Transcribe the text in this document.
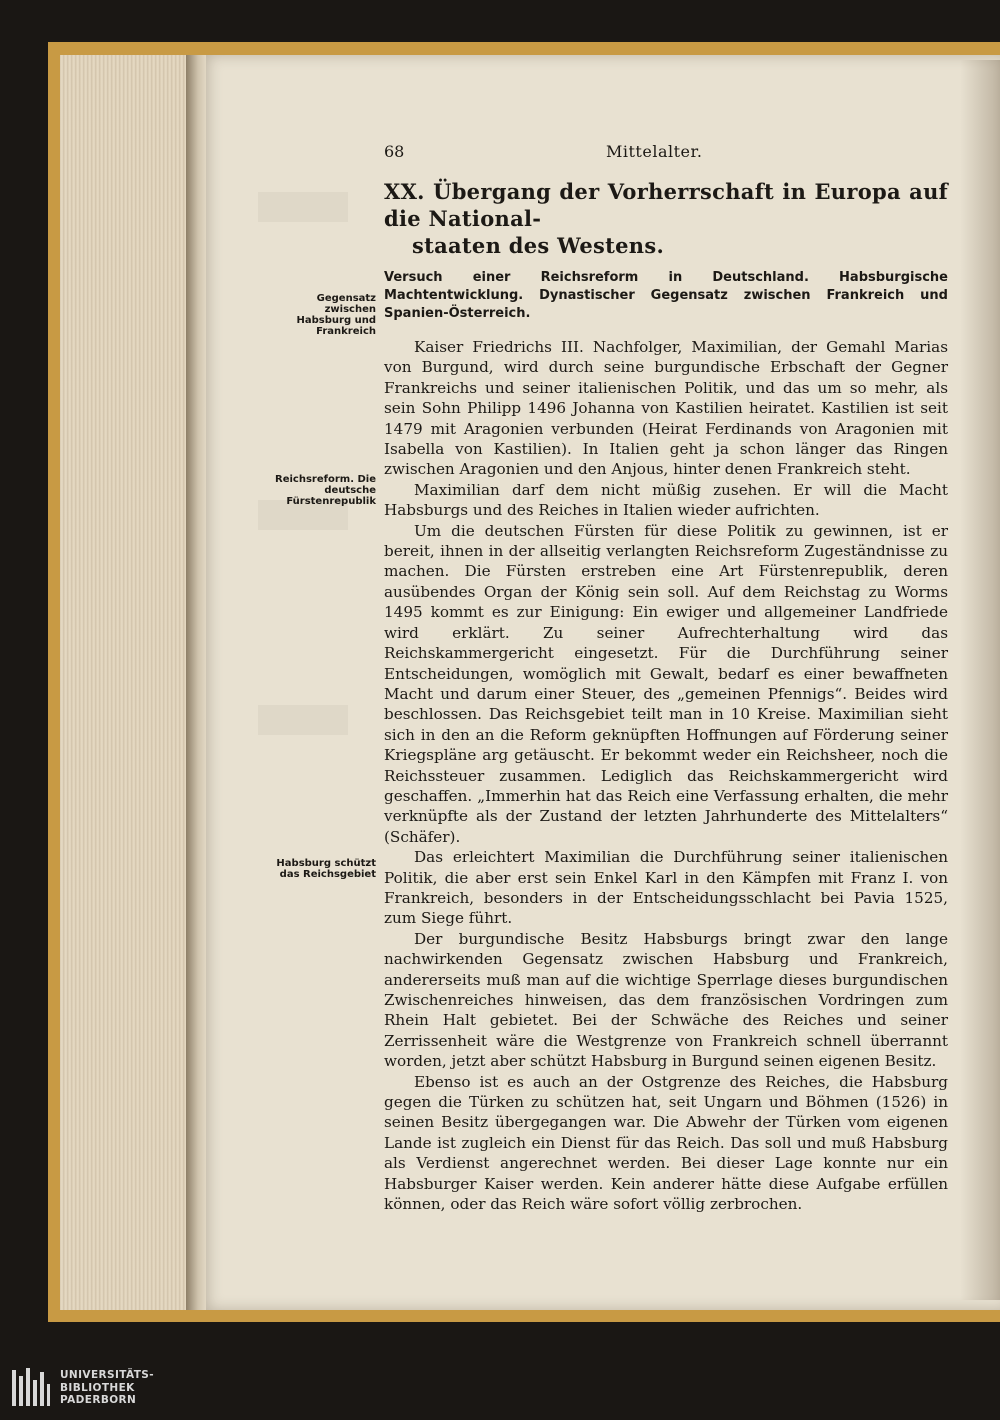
Gegensatz zwischen Habsburg und Frankreich
Reichsreform. Die deutsche Fürstenrepublik
Habsburg schützt das Reichsgebiet
68	Mittelalter.
XX. Übergang der Vorherrschaft in Europa auf die National-
staaten des Westens.

Versuch einer Reichsreform in Deutschland. Habsburgische Machtentwicklung. Dynastischer Gegensatz zwischen Frankreich und Spanien-Österreich.

Kaiser Friedrichs III. Nachfolger, Maximilian, der Gemahl Marias von Burgund, wird durch seine burgundische Erbschaft der Gegner Frankreichs und seiner italienischen Politik, und das um so mehr, als sein Sohn Philipp 1496 Johanna von Kastilien heiratet. Kastilien ist seit 1479 mit Aragonien verbunden (Heirat Ferdinands von Aragonien mit Isabella von Kastilien). In Italien geht ja schon länger das Ringen zwischen Aragonien und den Anjous, hinter denen Frankreich steht.

Maximilian darf dem nicht müßig zusehen. Er will die Macht Habsburgs und des Reiches in Italien wieder aufrichten.

Um die deutschen Fürsten für diese Politik zu gewinnen, ist er bereit, ihnen in der allseitig verlangten Reichsreform Zugeständnisse zu machen. Die Fürsten erstreben eine Art Fürstenrepublik, deren ausübendes Organ der König sein soll. Auf dem Reichstag zu Worms 1495 kommt es zur Einigung: Ein ewiger und allgemeiner Landfriede wird erklärt. Zu seiner Aufrechterhaltung wird das Reichskammergericht eingesetzt. Für die Durchführung seiner Entscheidungen, womöglich mit Gewalt, bedarf es einer bewaffneten Macht und darum einer Steuer, des „gemeinen Pfennigs“. Beides wird beschlossen. Das Reichsgebiet teilt man in 10 Kreise. Maximilian sieht sich in den an die Reform geknüpften Hoffnungen auf Förderung seiner Kriegspläne arg getäuscht. Er bekommt weder ein Reichsheer, noch die Reichssteuer zusammen. Lediglich das Reichskammergericht wird geschaffen. „Immerhin hat das Reich eine Verfassung erhalten, die mehr verknüpfte als der Zustand der letzten Jahrhunderte des Mittelalters“ (Schäfer).

Das erleichtert Maximilian die Durchführung seiner italienischen Politik, die aber erst sein Enkel Karl in den Kämpfen mit Franz I. von Frankreich, besonders in der Entscheidungsschlacht bei Pavia 1525, zum Siege führt.

Der burgundische Besitz Habsburgs bringt zwar den lange nachwirkenden Gegensatz zwischen Habsburg und Frankreich, andererseits muß man auf die wichtige Sperrlage dieses burgundischen Zwischenreiches hinweisen, das dem französischen Vordringen zum Rhein Halt gebietet. Bei der Schwäche des Reiches und seiner Zerrissenheit wäre die Westgrenze von Frankreich schnell überrannt worden, jetzt aber schützt Habsburg in Burgund seinen eigenen Besitz.

Ebenso ist es auch an der Ostgrenze des Reiches, die Habsburg gegen die Türken zu schützen hat, seit Ungarn und Böhmen (1526) in seinen Besitz übergegangen war. Die Abwehr der Türken vom eigenen Lande ist zugleich ein Dienst für das Reich. Das soll und muß Habsburg als Verdienst angerechnet werden. Bei dieser Lage konnte nur ein Habsburger Kaiser werden. Kein anderer hätte diese Aufgabe erfüllen können, oder das Reich wäre sofort völlig zerbrochen.

UNIVERSITÄTS-
BIBLIOTHEK
PADERBORN
